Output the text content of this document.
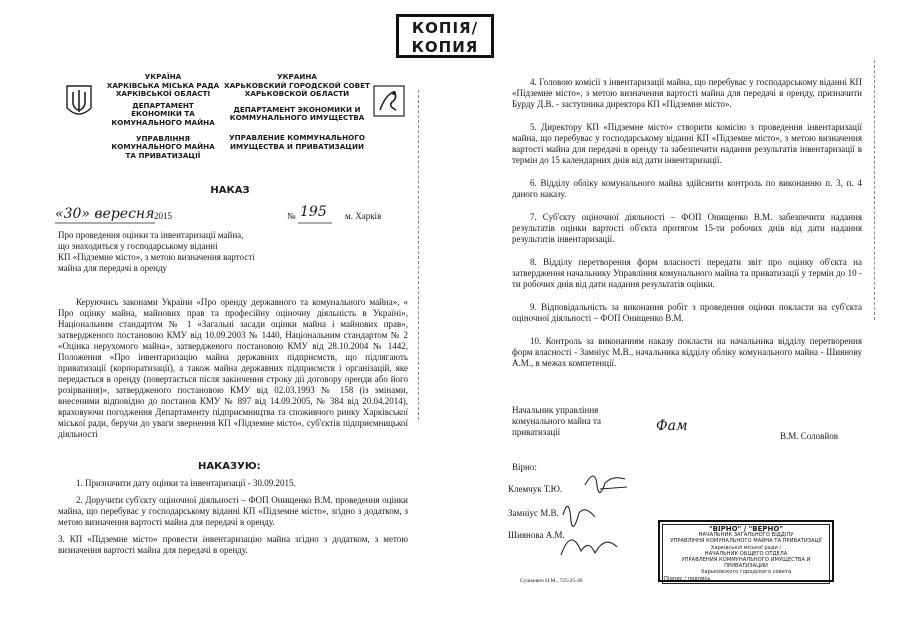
КОПІЯ/
КОПИЯ
УКРАЇНА
ХАРКІВСЬКА МІСЬКА РАДА
ХАРКІВСЬКОЇ ОБЛАСТІ
ДЕПАРТАМЕНТ
ЕКОНОМІКИ ТА
КОМУНАЛЬНОГО МАЙНА
УПРАВЛІННЯ
КОМУНАЛЬНОГО МАЙНА
ТА ПРИВАТИЗАЦІЇ
УКРАИНА
ХАРЬКОВСКИЙ ГОРОДСКОЙ СОВЕТ
ХАРЬКОВСКОЙ ОБЛАСТИ
ДЕПАРТАМЕНТ ЭКОНОМИКИ И
КОММУНАЛЬНОГО ИМУЩЕСТВА
УПРАВЛЕНИЕ КОММУНАЛЬНОГО
ИМУЩЕСТВА И ПРИВАТИЗАЦИИ
НАКАЗ
«30» вересня 2015	№ 195 м. Харків
Про проведення оцінки та інвентаризації майна,
що знаходиться у господарському віданні
КП «Підземне місто», з метою визначення вартості
майна для передачі в оренду
Керуючись законами України «Про оренду державного та комунального майна», « Про оцінку майна, майнових прав та професійну оціночну діяльність в Україні», Національним стандартом № 1 «Загальні засади оцінки майна і майнових прав», затвердженого постановою КМУ від 10.09.2003 № 1440, Національним стандартом № 2 «Оцінка нерухомого майна», затвердженого постановою КМУ від 28.10.2004 № 1442, Положення «Про інвентаризацію майна державних підприємств, що підлягають приватизації (корпоратизації), а також майна державних підприємств і організацій, яке передається в оренду (повертається після закінчення строку дії договору оренди або його розірвання)», затвердженого постановою КМУ від 02.03.1993 № 158 (із змінами, внесеними відповідно до постанов КМУ № 897 від 14.09.2005, № 384 від 20.04.2014), враховуючи погодження Департаменту підприємництва та споживчого ринку Харківської міської ради, беручи до уваги звернення КП «Підземне місто», суб'єктів підприємницької діяльності
НАКАЗУЮ:
1. Призначити дату оцінки та інвентаризації - 30.09.2015.
2. Доручити суб'єкту оціночної діяльності – ФОП Онищенко В.М. проведення оцінки майна, що перебуває у господарському віданні КП «Підземне місто», згідно з додатком, з метою визначення вартості майна для передачі в оренду.
3. КП «Підземне місто» провести інвентаризацію майна згідно з додатком, з метою визначення вартості майна для передачі в оренду.
4. Головою комісії з інвентаризації майна, що перебуває у господарському віданні КП «Підземне місто», з метою визначення вартості майна для передачі в оренду, призначити Бурду Д.В. - заступника директора КП «Підземне місто».
5. Директору КП «Підземне місто» створити комісію з проведення інвентаризації майна, що перебуває у господарському віданні КП «Підземне місто», з метою визначення вартості майна для передачі в оренду та забезпечити надання результатів інвентаризації в термін до 15 календарних днів від дати інвентаризації.
6. Відділу обліку комунального майна здійснити контроль по виконанню п. 3, п. 4 даного наказу.
7. Суб'єкту оціночної діяльності – ФОП Онищенко В.М. забезпечити надання результатів оцінки вартості об'єкта протягом 15-ти робочих днів від дати надання результатів інвентаризації.
8. Відділу перетворення форм власності передати звіт про оцінку об'єкта на затвердження начальнику Управління комунального майна та приватизації у термін до 10 - ти робочих днів від дати надання результатів оцінки.
9. Відповідальність за виконання робіт з проведення оцінки покласти на суб'єкта оціночної діяльності – ФОП Онищенко В.М.
10. Контроль за виконанням наказу покласти на начальника відділу перетворення форм власності - Замніус М.В., начальника відділу обліку комунального майна - Шиянову А.М., в межах компетенції.
Начальник управління
комунального майна та
приватизації	Фам
В.М. Соловйов
Вірно:
Клемчук Т.Ю.
Замніус М.В.
Шиянова А.М.
Сушкевич Н.М., 725-25-48
"ВІРНО" / "ВЕРНО"
НАЧАЛЬНИК ЗАГАЛЬНОГО ВІДДІЛУ
УПРАВЛІННЯ КОМУНАЛЬНОГО МАЙНА ТА ПРИВАТИЗАЦІЇ
Харківської міської ради /
НАЧАЛЬНИК ОБЩЕГО ОТДЕЛА
УПРАВЛЕНИЯ КОММУНАЛЬНОГО ИМУЩЕСТВА И ПРИВАТИЗАЦИИ
Харьковского городского совета
Підпис / подпись
